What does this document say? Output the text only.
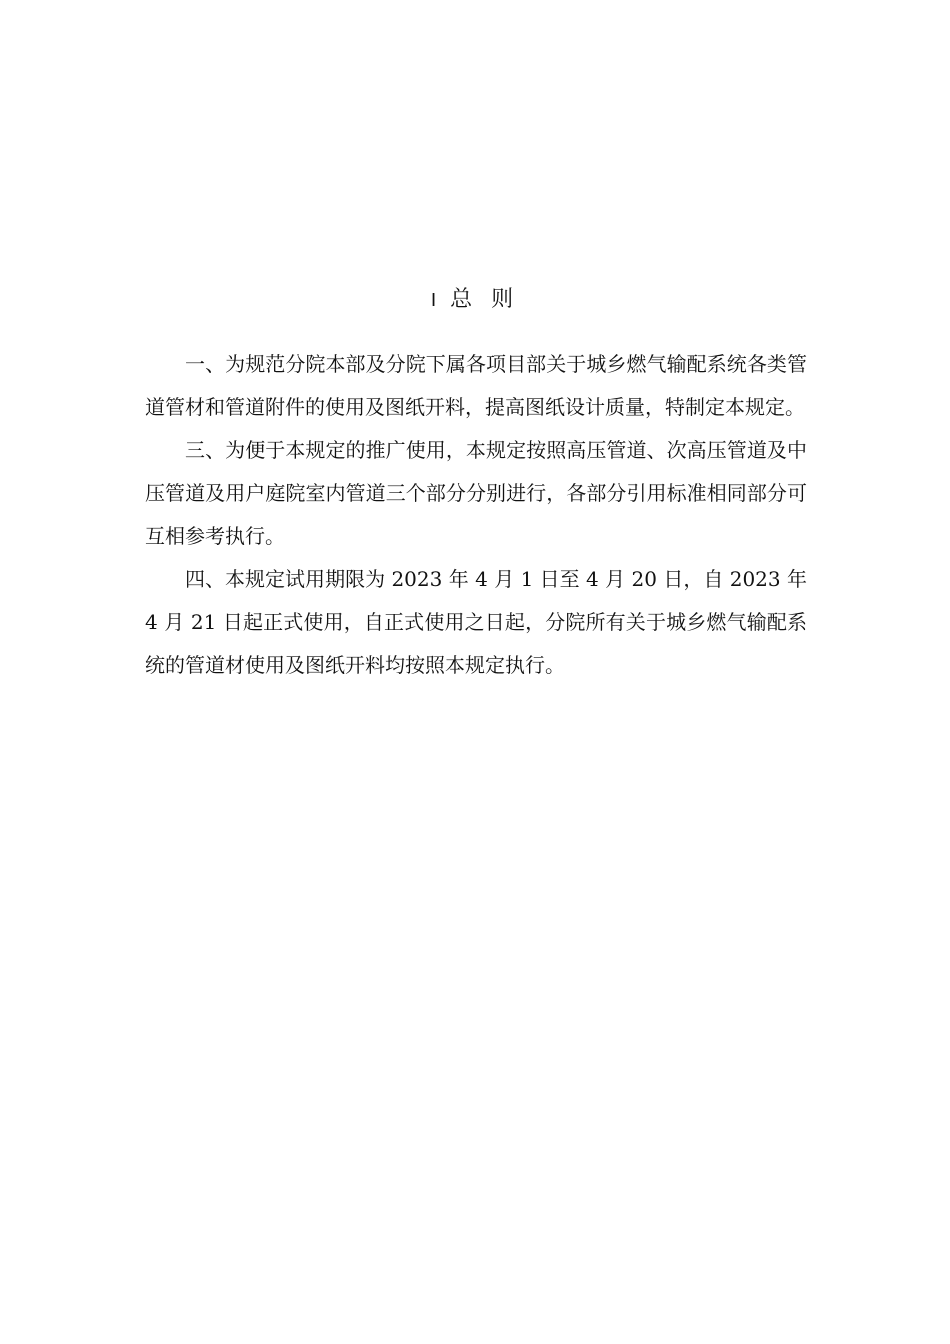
Ⅰ 总 则

一、为规范分院本部及分院下属各项目部关于城乡燃气输配系统各类管道管材和管道附件的使用及图纸开料，提高图纸设计质量，特制定本规定。

三、为便于本规定的推广使用，本规定按照高压管道、次高压管道及中压管道及用户庭院室内管道三个部分分别进行，各部分引用标准相同部分可互相参考执行。

四、本规定试用期限为 2023 年 4 月 1 日至 4 月 20 日，自 2023 年 4 月 21 日起正式使用，自正式使用之日起，分院所有关于城乡燃气输配系统的管道材使用及图纸开料均按照本规定执行。
